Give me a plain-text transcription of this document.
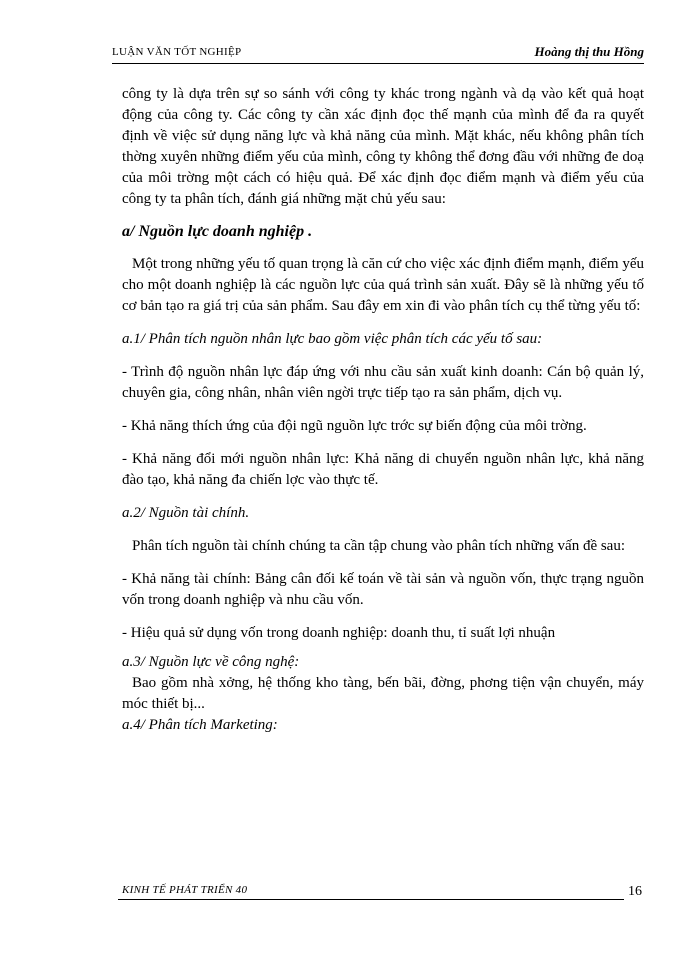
LUẬN VĂN TỐT NGHIỆP	Hoàng thị thu Hồng

công ty là dựa trên sự so sánh với công ty khác trong ngành và dạ vào kết quả hoạt động của công ty. Các công ty cần xác định đọc thế mạnh của mình để đa ra quyết định về việc sử dụng năng lực và khả năng của mình. Mặt khác, nếu không phân tích thờng xuyên những điểm yếu của mình, công ty không thể đơng đầu với những đe doạ của môi trờng một cách có hiệu quả. Để xác định đọc điểm mạnh và điểm yếu của công ty ta phân tích, đánh giá những mặt chủ yếu sau:

a/ Nguồn lực doanh nghiệp .

Một trong những yếu tố quan trọng là căn cứ cho việc xác định điểm mạnh, điểm yếu cho một doanh nghiệp là các nguồn lực của quá trình sản xuất. Đây sẽ là những yếu tố cơ bản tạo ra giá trị của sản phẩm. Sau đây em xin đi vào phân tích cụ thể từng yếu tố:

a.1/ Phân tích nguồn nhân lực bao gồm việc phân tích các yếu tố sau:

- Trình độ nguồn nhân lực đáp ứng với nhu cầu sản xuất kinh doanh: Cán bộ quản lý, chuyên gia, công nhân, nhân viên ngời trực tiếp tạo ra sản phẩm, dịch vụ.

- Khả năng thích ứng của đội ngũ nguồn lực trớc sự biến động của môi trờng.

- Khả năng đổi mới nguồn nhân lực: Khả năng di chuyển nguồn nhân lực, khả năng đào tạo, khả năng đa chiến lợc vào thực tế.

a.2/ Nguồn tài chính.

Phân tích nguồn tài chính chúng ta cần tập chung vào phân tích những vấn đề sau:

- Khả năng tài chính: Bảng cân đối kế toán về tài sản và nguồn vốn, thực trạng nguồn vốn trong doanh nghiệp và nhu cầu vốn.

- Hiệu quả sử dụng vốn trong doanh nghiệp: doanh thu, tỉ suất lợi nhuận

a.3/ Nguồn lực về công nghệ:

Bao gồm nhà xởng, hệ thống kho tàng, bến bãi, đờng, phơng tiện vận chuyển, máy móc thiết bị...

a.4/ Phân tích Marketing:

KINH TẾ PHÁT TRIỂN 40	16
